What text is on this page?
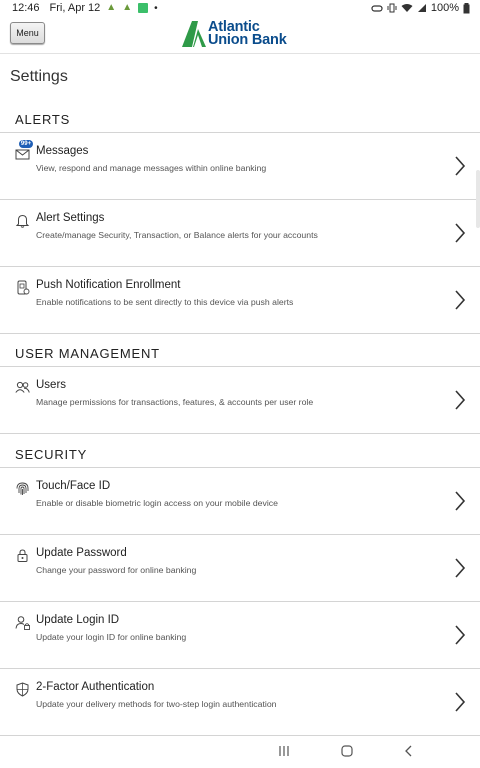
12:46 Fri, Apr 12 ▲ ▲ •	100%
Menu	Atlantic
Union Bank
Settings
ALERTS
Messages
View, respond and manage messages within online banking
99+
Alert Settings
Create/manage Security, Transaction, or Balance alerts for your accounts
Push Notification Enrollment
Enable notifications to be sent directly to this device via push alerts
USER MANAGEMENT
Users
Manage permissions for transactions, features, & accounts per user role
SECURITY
Touch/Face ID
Enable or disable biometric login access on your mobile device
Update Password
Change your password for online banking
Update Login ID
Update your login ID for online banking
2-Factor Authentication
Update your delivery methods for two-step login authentication
